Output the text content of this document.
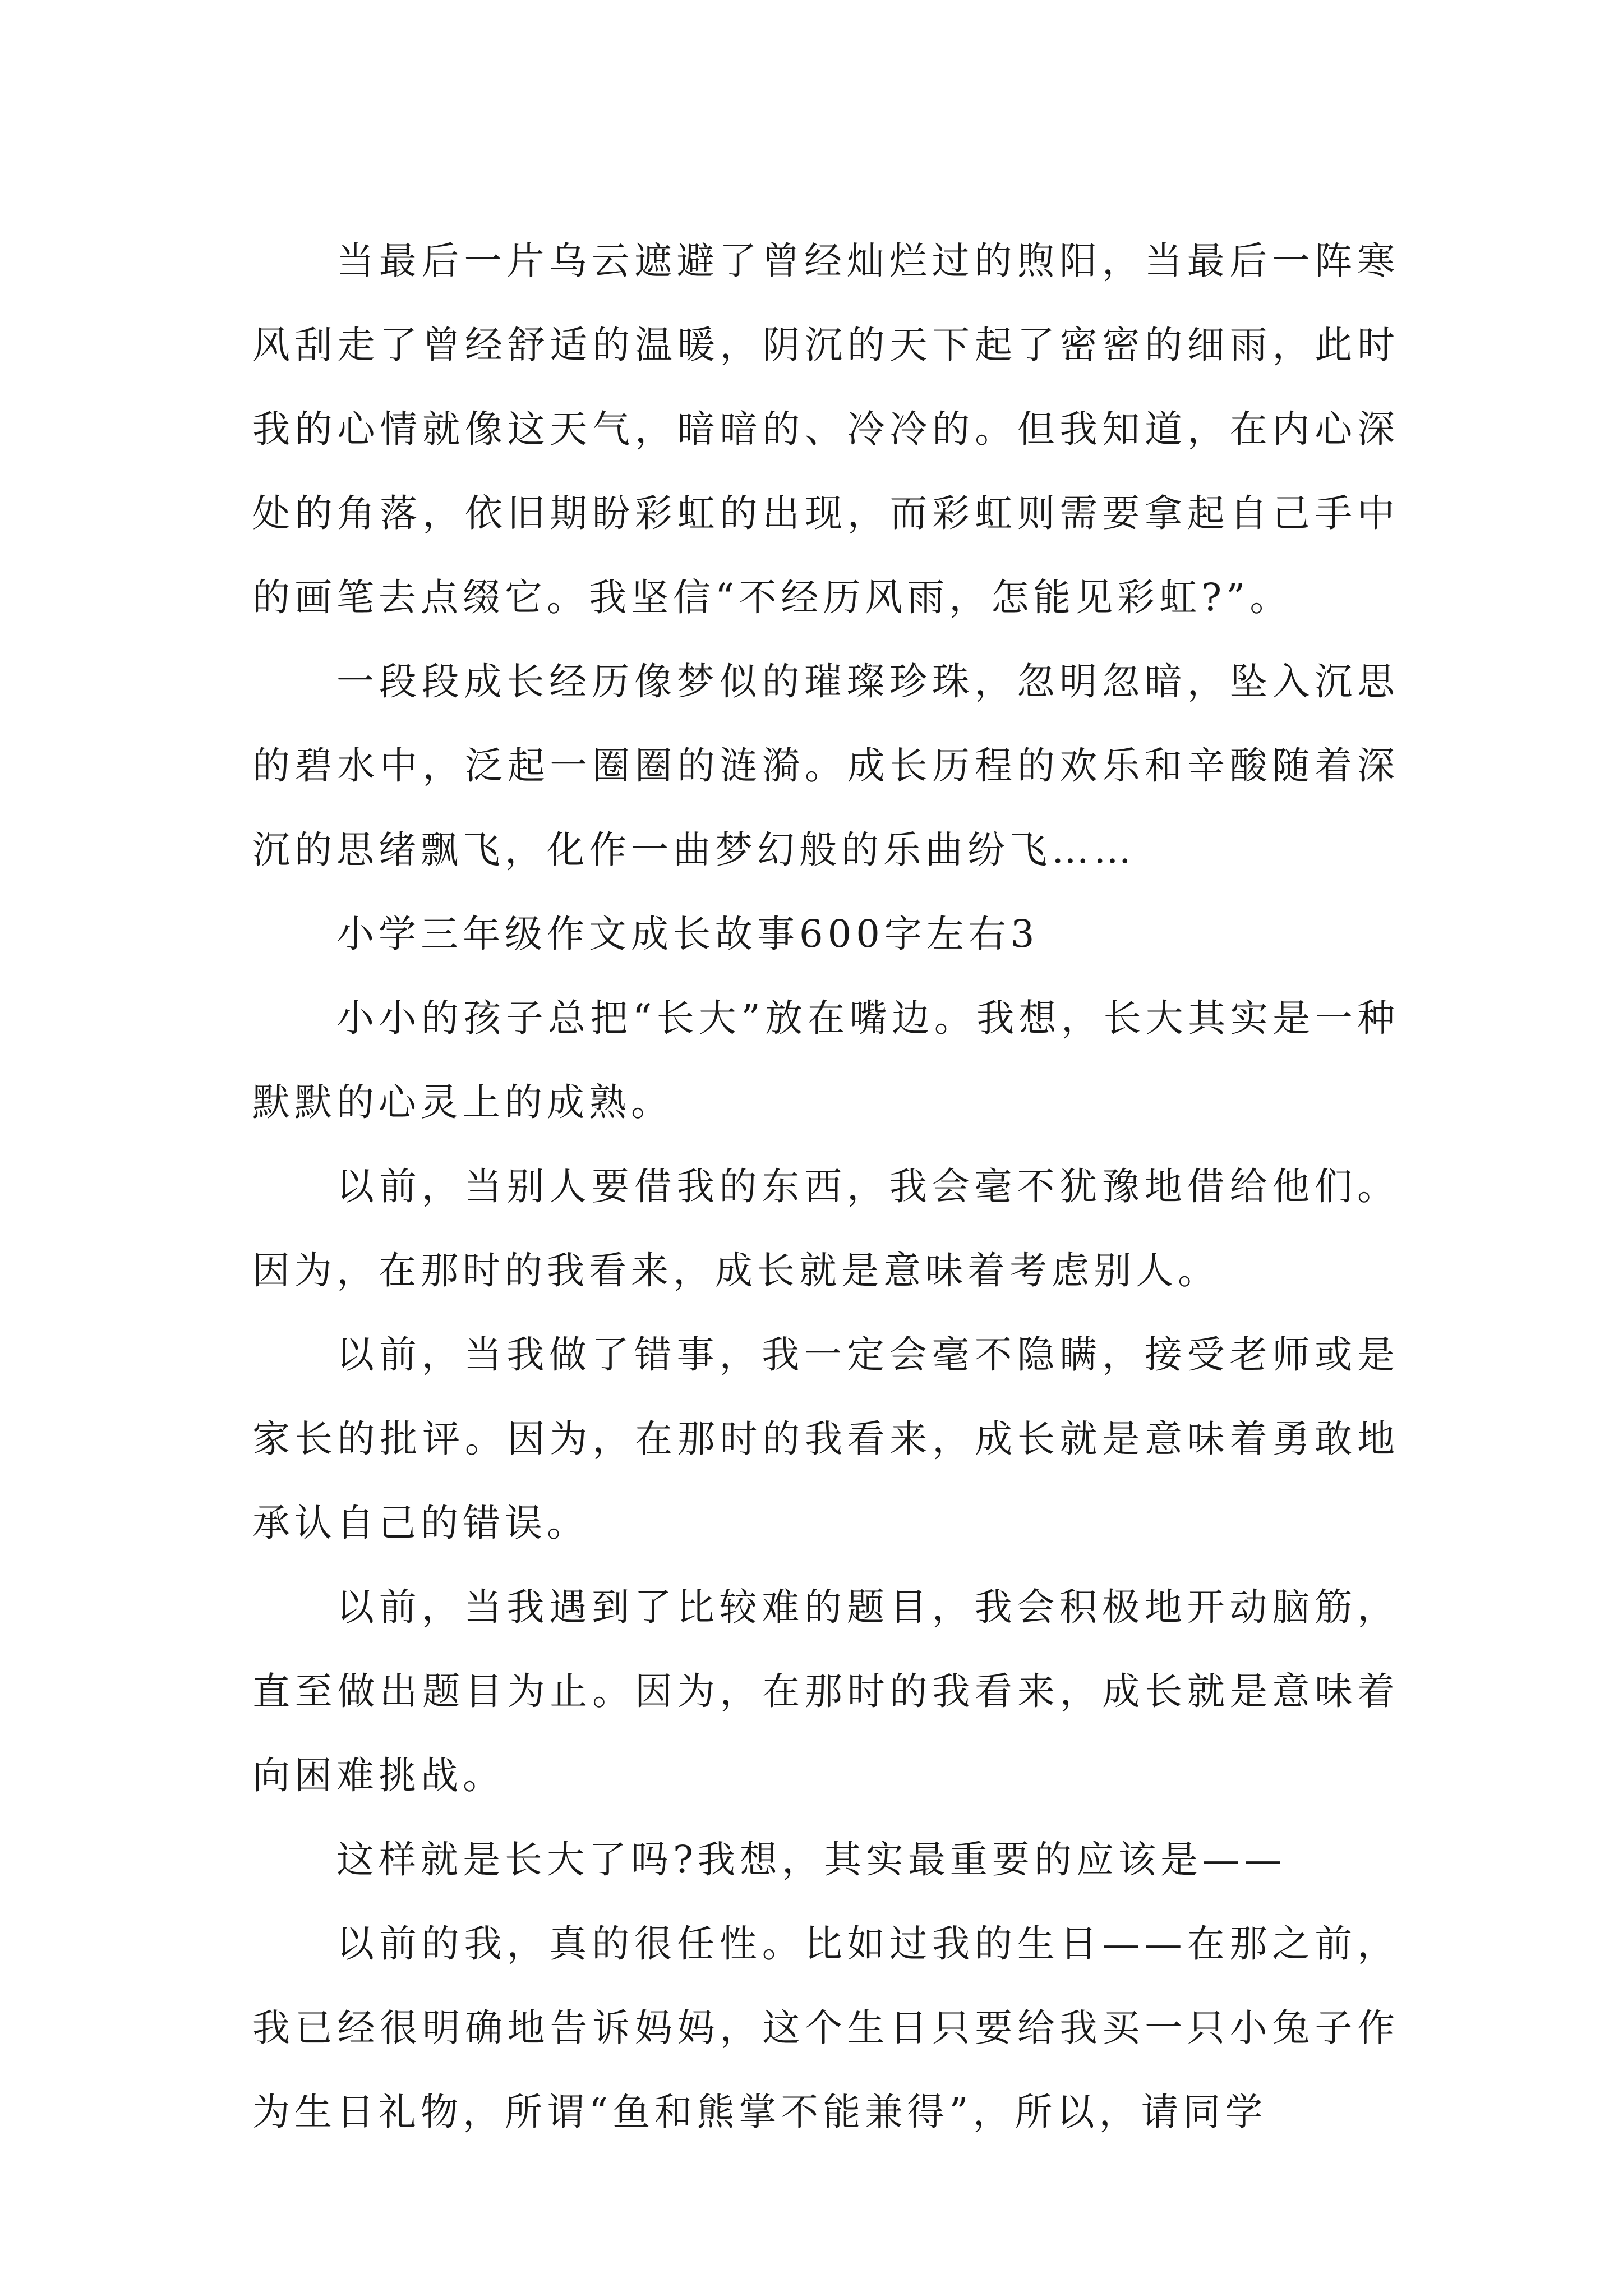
当最后一片乌云遮避了曾经灿烂过的煦阳，当最后一阵寒风刮走了曾经舒适的温暖，阴沉的天下起了密密的细雨，此时我的心情就像这天气，暗暗的、冷冷的。但我知道，在内心深处的角落，依旧期盼彩虹的出现，而彩虹则需要拿起自己手中的画笔去点缀它。我坚信“不经历风雨，怎能见彩虹?”。

一段段成长经历像梦似的璀璨珍珠，忽明忽暗，坠入沉思的碧水中，泛起一圈圈的涟漪。成长历程的欢乐和辛酸随着深沉的思绪飘飞，化作一曲梦幻般的乐曲纷飞……

小学三年级作文成长故事600字左右3

小小的孩子总把“长大”放在嘴边。我想，长大其实是一种默默的心灵上的成熟。

以前，当别人要借我的东西，我会毫不犹豫地借给他们。因为，在那时的我看来，成长就是意味着考虑别人。

以前，当我做了错事，我一定会毫不隐瞒，接受老师或是家长的批评。因为，在那时的我看来，成长就是意味着勇敢地承认自己的错误。

以前，当我遇到了比较难的题目，我会积极地开动脑筋，直至做出题目为止。因为，在那时的我看来，成长就是意味着向困难挑战。

这样就是长大了吗?我想，其实最重要的应该是——

以前的我，真的很任性。比如过我的生日——在那之前，我已经很明确地告诉妈妈，这个生日只要给我买一只小兔子作为生日礼物，所谓“鱼和熊掌不能兼得”，所以，请同学
